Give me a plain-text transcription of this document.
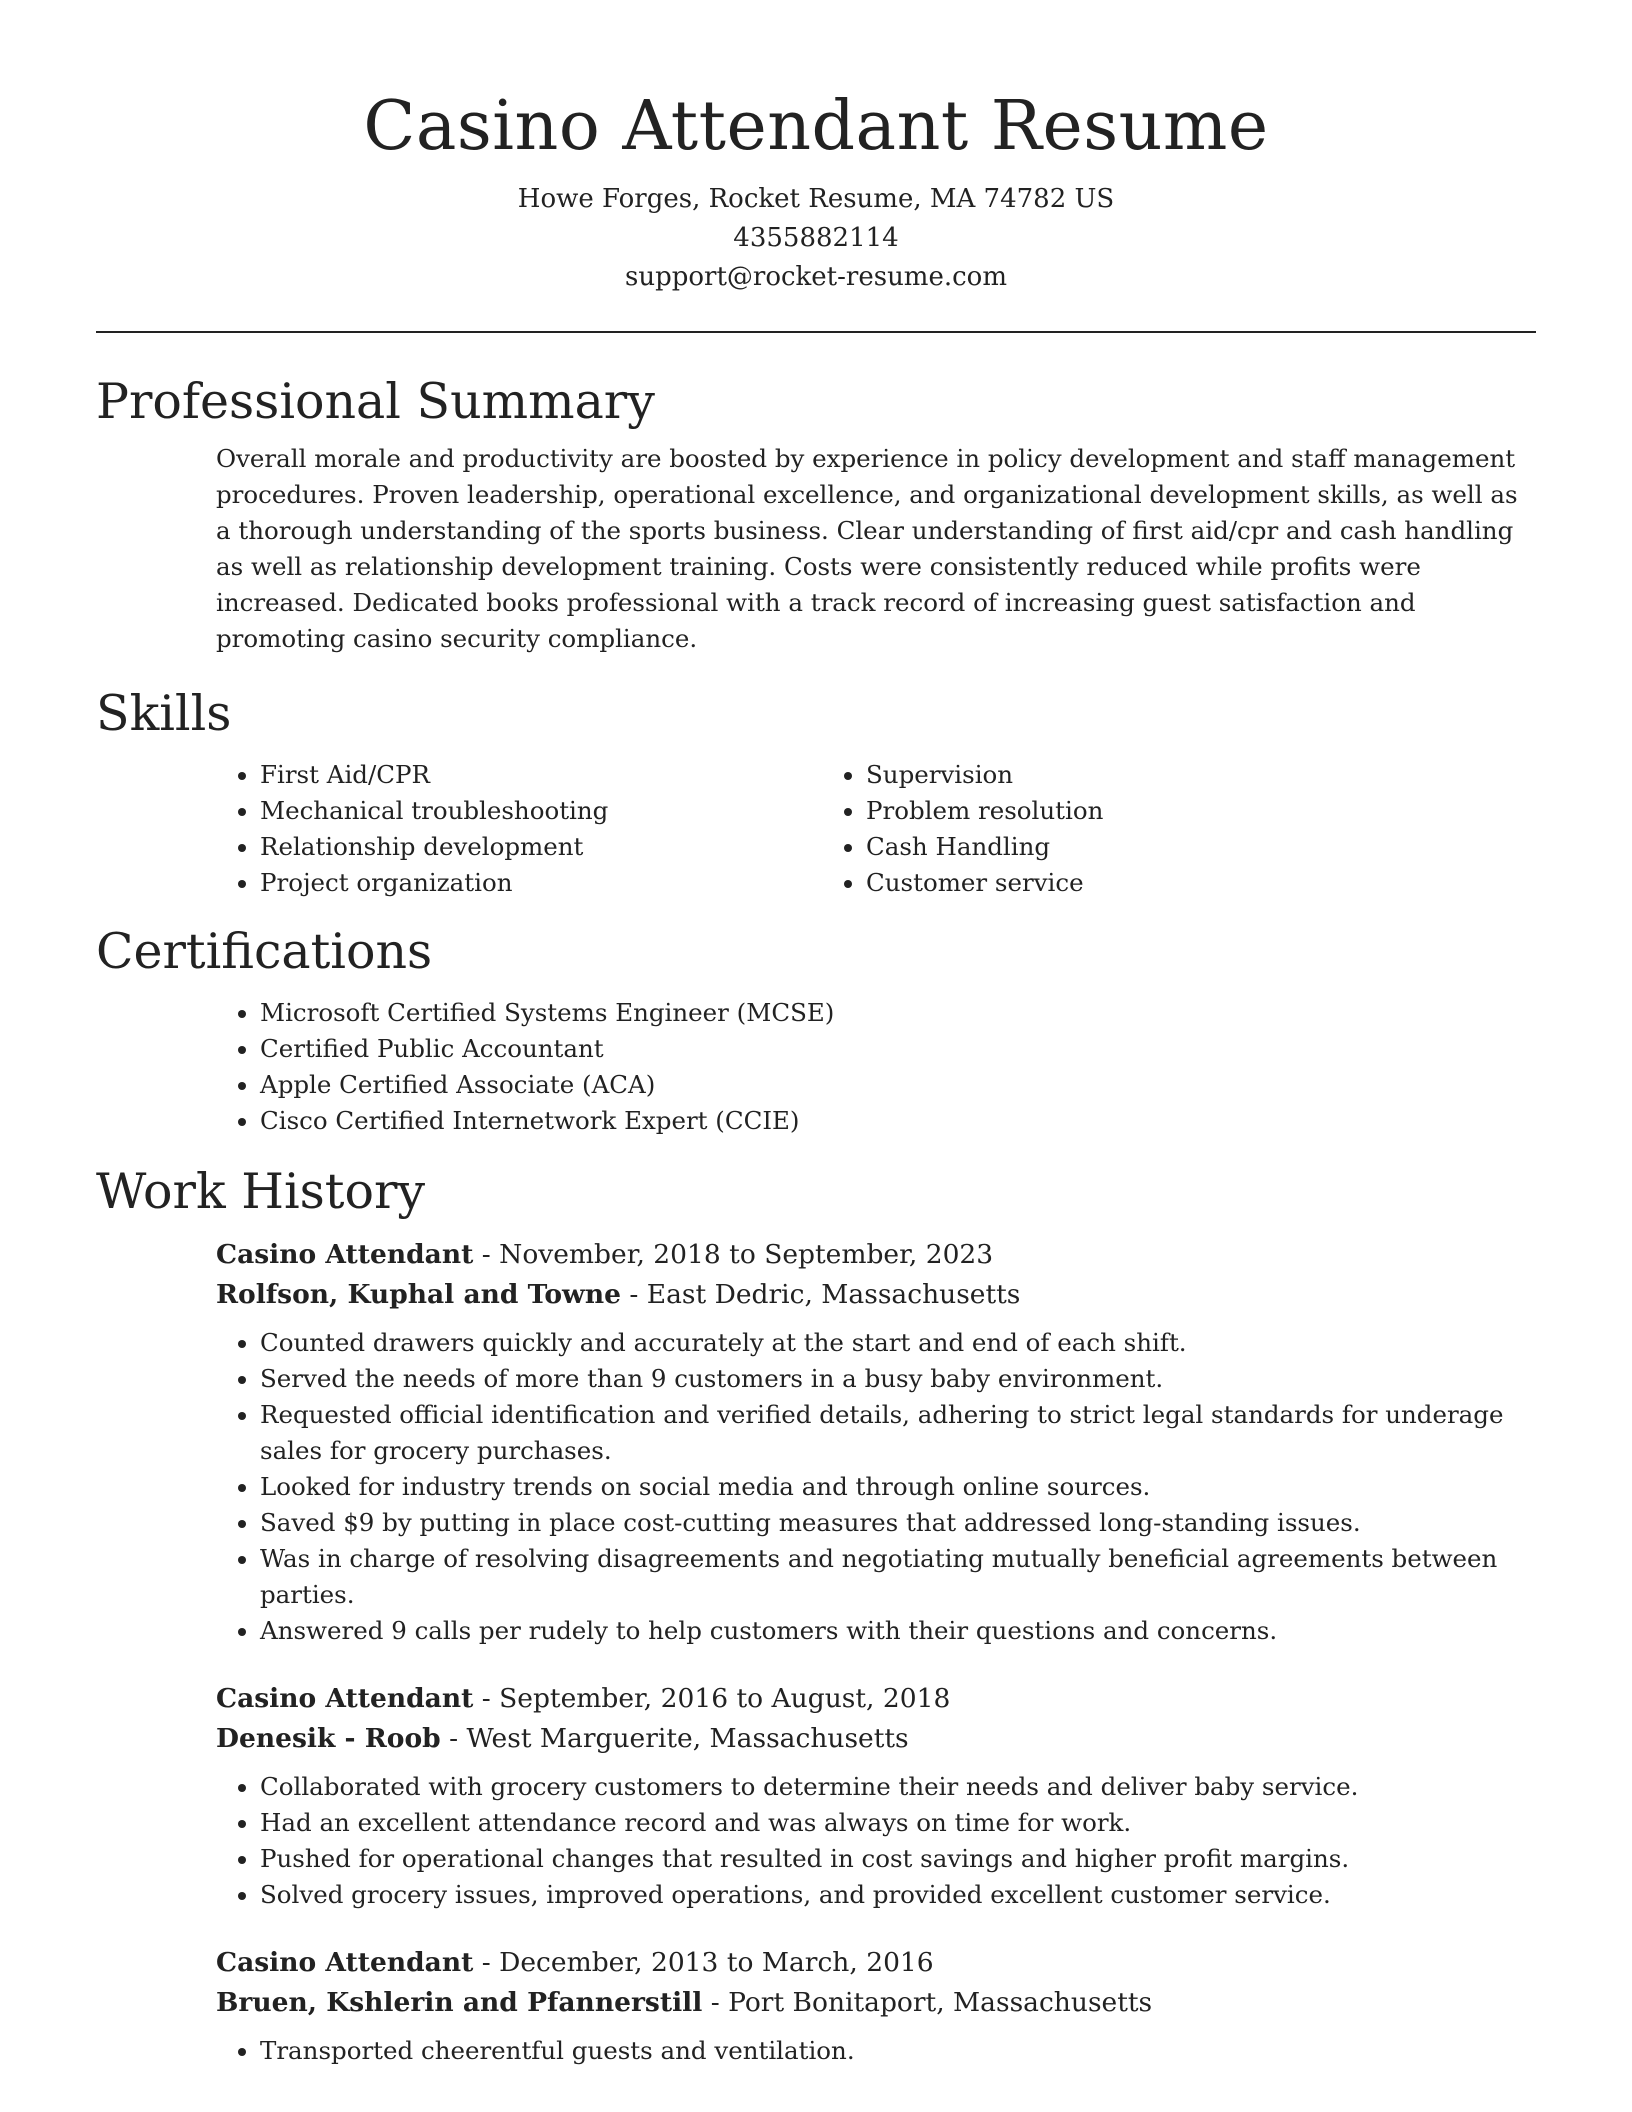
Casino Attendant Resume
Howe Forges, Rocket Resume, MA 74782 US
4355882114
support@rocket-resume.com
Professional Summary

Overall morale and productivity are boosted by experience in policy development and staff management procedures. Proven leadership, operational excellence, and organizational development skills, as well as a thorough understanding of the sports business. Clear understanding of first aid/cpr and cash handling as well as relationship development training. Costs were consistently reduced while profits were increased. Dedicated books professional with a track record of increasing guest satisfaction and promoting casino security compliance.

Skills
• First Aid/CPR
• Mechanical troubleshooting
• Relationship development
• Project organization
• Supervision
• Problem resolution
• Cash Handling
• Customer service
Certifications
• Microsoft Certified Systems Engineer (MCSE)
• Certified Public Accountant
• Apple Certified Associate (ACA)
• Cisco Certified Internetwork Expert (CCIE)
Work History
Casino Attendant - November, 2018 to September, 2023
Rolfson, Kuphal and Towne - East Dedric, Massachusetts
• Counted drawers quickly and accurately at the start and end of each shift.
• Served the needs of more than 9 customers in a busy baby environment.
• Requested official identification and verified details, adhering to strict legal standards for underage sales for grocery purchases.
• Looked for industry trends on social media and through online sources.
• Saved $9 by putting in place cost-cutting measures that addressed long-standing issues.
• Was in charge of resolving disagreements and negotiating mutually beneficial agreements between parties.
• Answered 9 calls per rudely to help customers with their questions and concerns.
Casino Attendant - September, 2016 to August, 2018
Denesik - Roob - West Marguerite, Massachusetts
• Collaborated with grocery customers to determine their needs and deliver baby service.
• Had an excellent attendance record and was always on time for work.
• Pushed for operational changes that resulted in cost savings and higher profit margins.
• Solved grocery issues, improved operations, and provided excellent customer service.
Casino Attendant - December, 2013 to March, 2016
Bruen, Kshlerin and Pfannerstill - Port Bonitaport, Massachusetts
• Transported cheerentful guests and ventilation.
